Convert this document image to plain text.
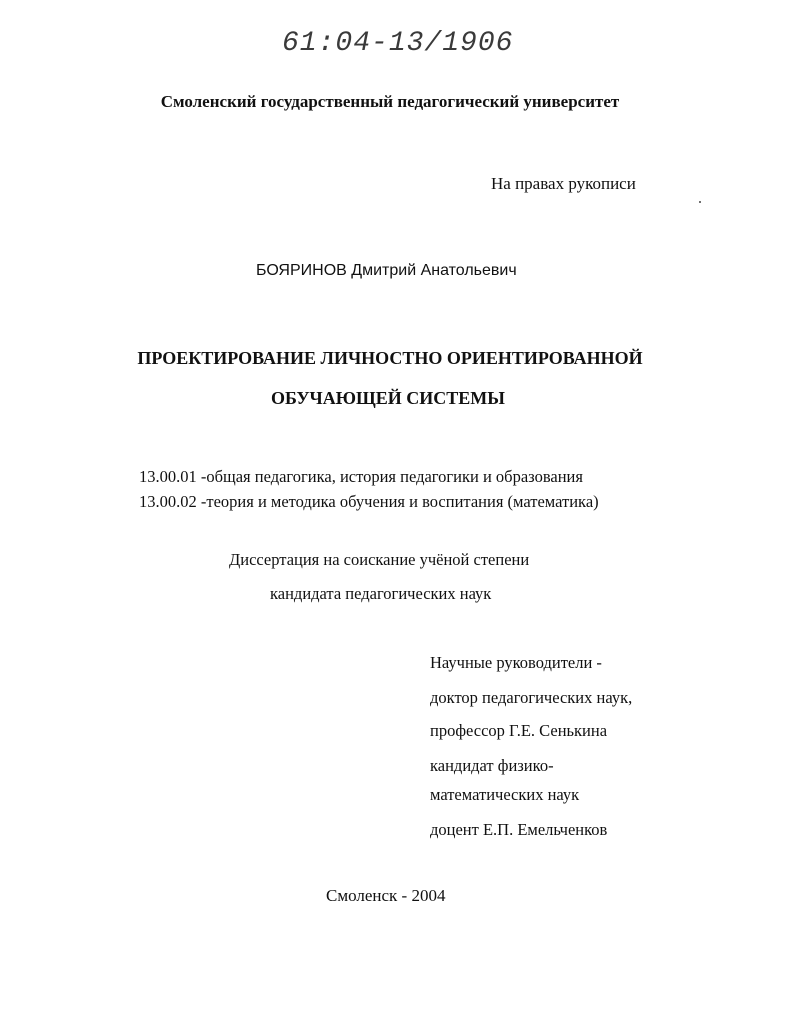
61:04-13/1906
Смоленский государственный педагогический университет
На правах рукописи
БОЯРИНОВ Дмитрий Анатольевич
ПРОЕКТИРОВАНИЕ ЛИЧНОСТНО ОРИЕНТИРОВАННОЙ
ОБУЧАЮЩЕЙ СИСТЕМЫ
13.00.01 -общая педагогика, история педагогики и образования
13.00.02 -теория и методика обучения и воспитания (математика)
Диссертация на соискание учёной степени
кандидата педагогических наук
Научные руководители -
доктор педагогических наук,
профессор Г.Е. Сенькина
кандидат физико-
математических наук
доцент Е.П. Емельченков
Смоленск - 2004
